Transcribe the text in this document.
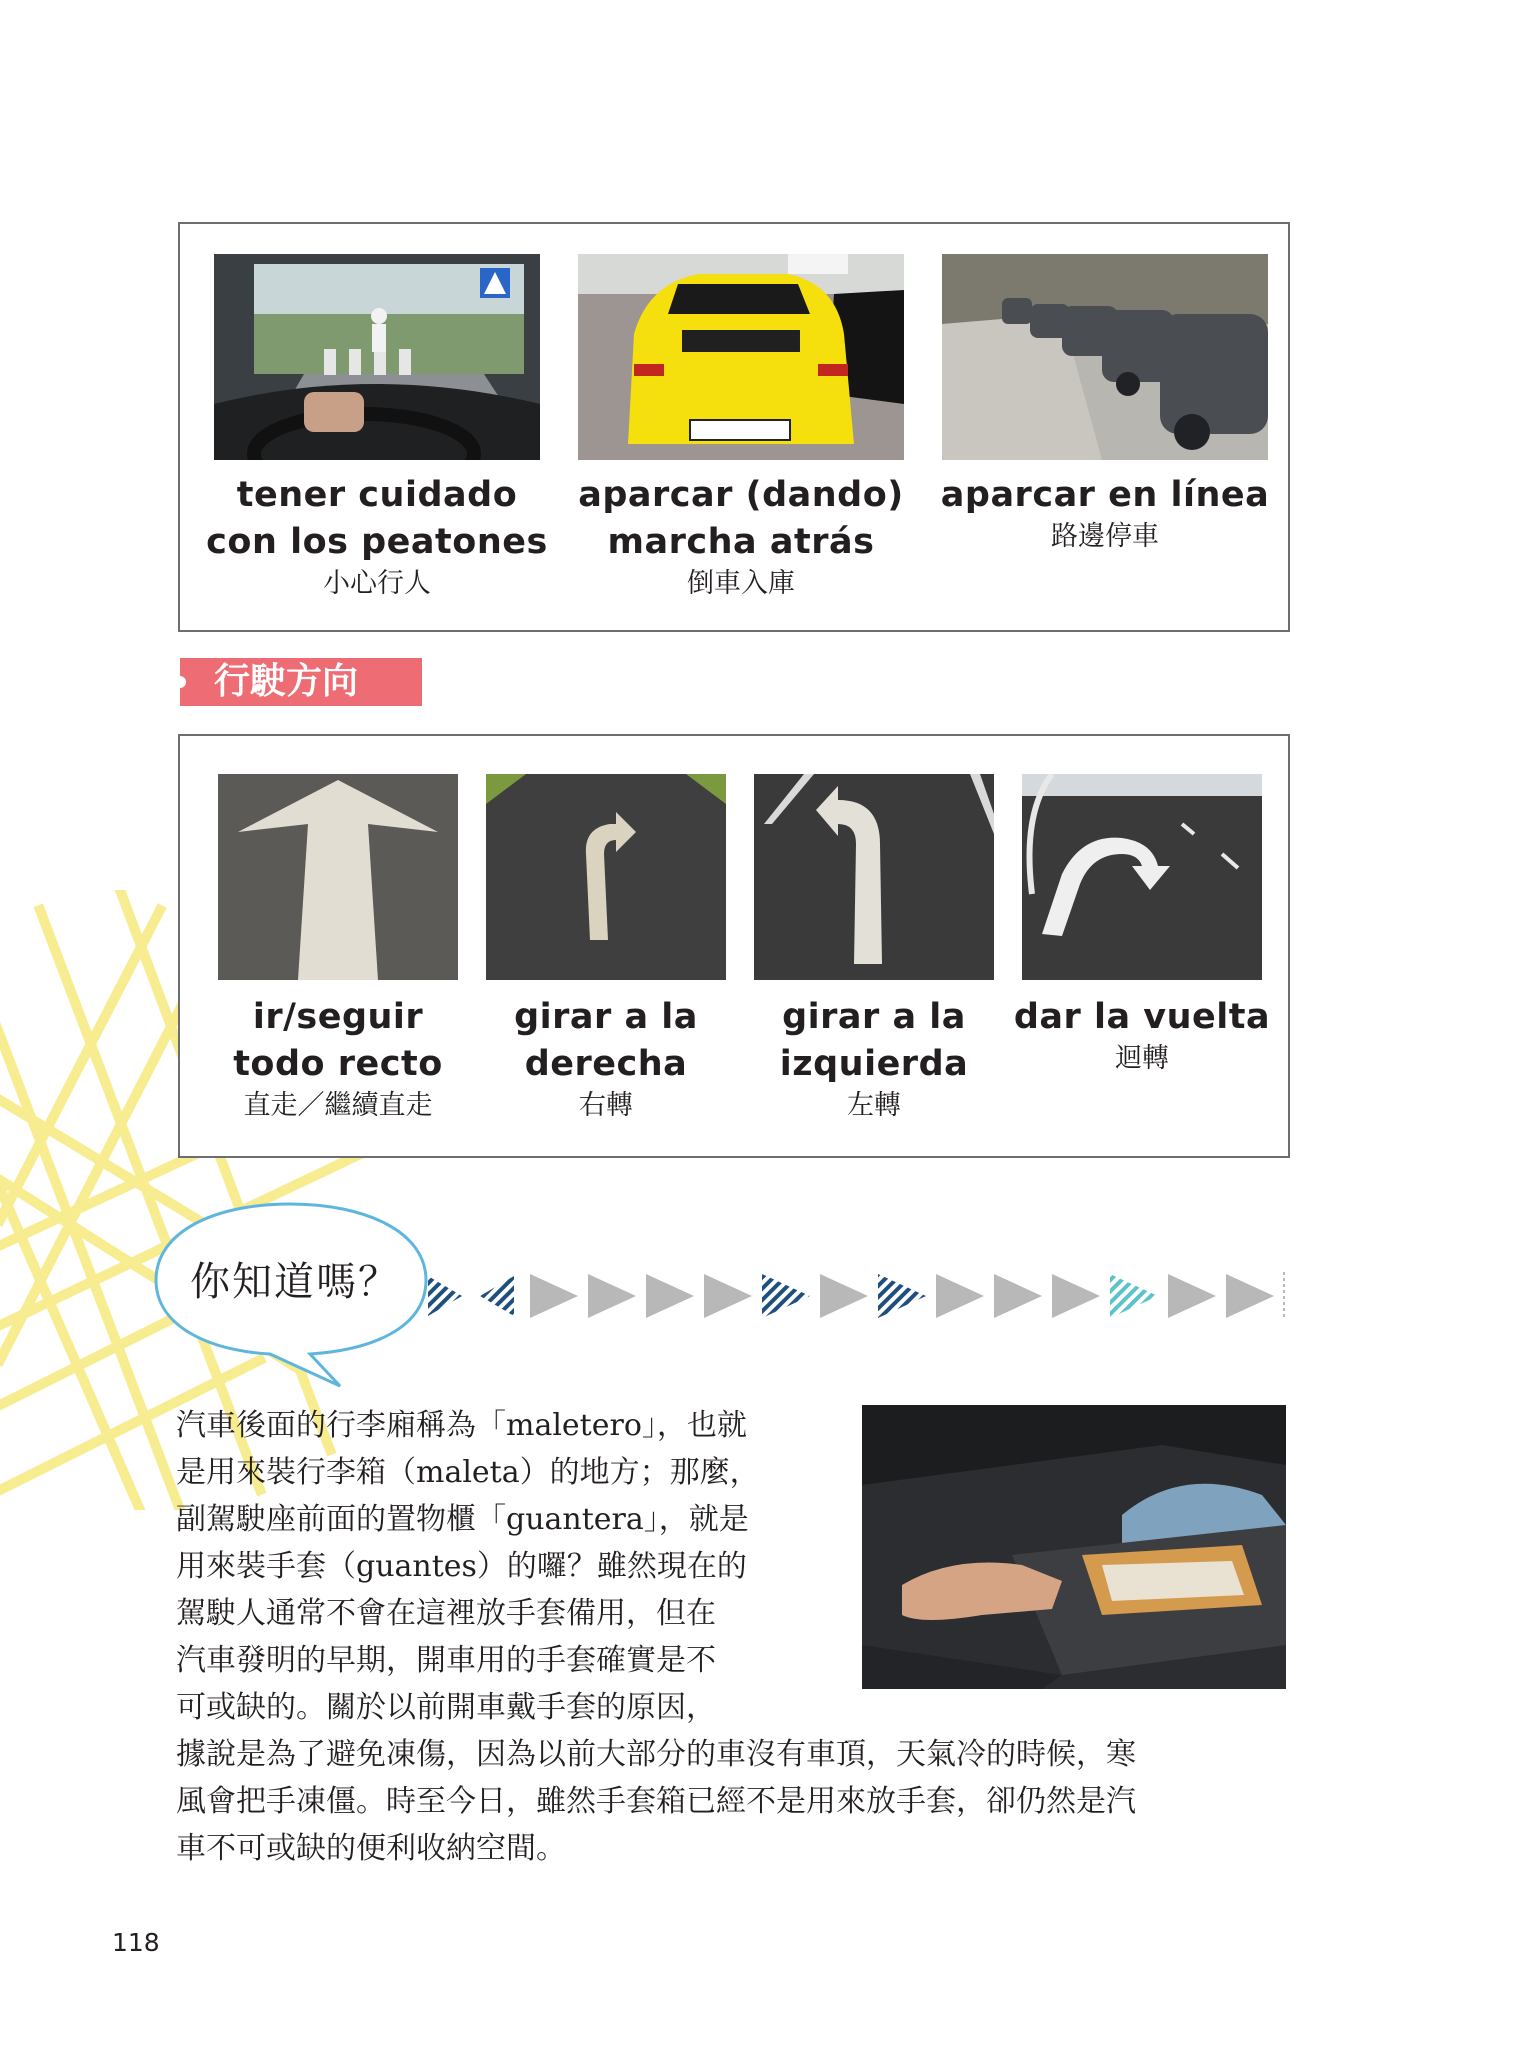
tener cuidado
con los peatones
小心行人
aparcar (dando)
marcha atrás
倒車入庫
aparcar en línea
路邊停車
行駛方向
ir/seguir
todo recto
直走／繼續直走
girar a la
derecha
右轉
girar a la
izquierda
左轉
dar la vuelta
迴轉
你知道嗎？

汽車後面的行李廂稱為「maletero」，也就

是用來裝行李箱（maleta）的地方；那麼，

副駕駛座前面的置物櫃「guantera」，就是

用來裝手套（guantes）的囉？雖然現在的

駕駛人通常不會在這裡放手套備用，但在

汽車發明的早期，開車用的手套確實是不

可或缺的。關於以前開車戴手套的原因，

據說是為了避免凍傷，因為以前大部分的車沒有車頂，天氣冷的時候，寒

風會把手凍僵。時至今日，雖然手套箱已經不是用來放手套，卻仍然是汽

車不可或缺的便利收納空間。

118
